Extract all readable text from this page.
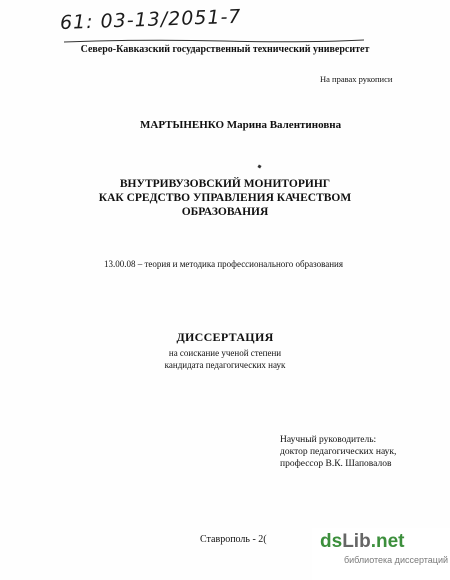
61: 03-13/2051-7
Северо-Кавказский государственный технический университет
На правах рукописи
МАРТЫНЕНКО Марина Валентиновна
ВНУТРИВУЗОВСКИЙ МОНИТОРИНГ
КАК СРЕДСТВО УПРАВЛЕНИЯ КАЧЕСТВОМ
ОБРАЗОВАНИЯ
13.00.08 – теория и методика профессионального образования
ДИССЕРТАЦИЯ
на соискание ученой степени
кандидата педагогических наук
Научный руководитель:
доктор педагогических наук,
профессор В.К. Шаповалов
Ставрополь - 2(	dsLib.net
библиотека диссертаций
